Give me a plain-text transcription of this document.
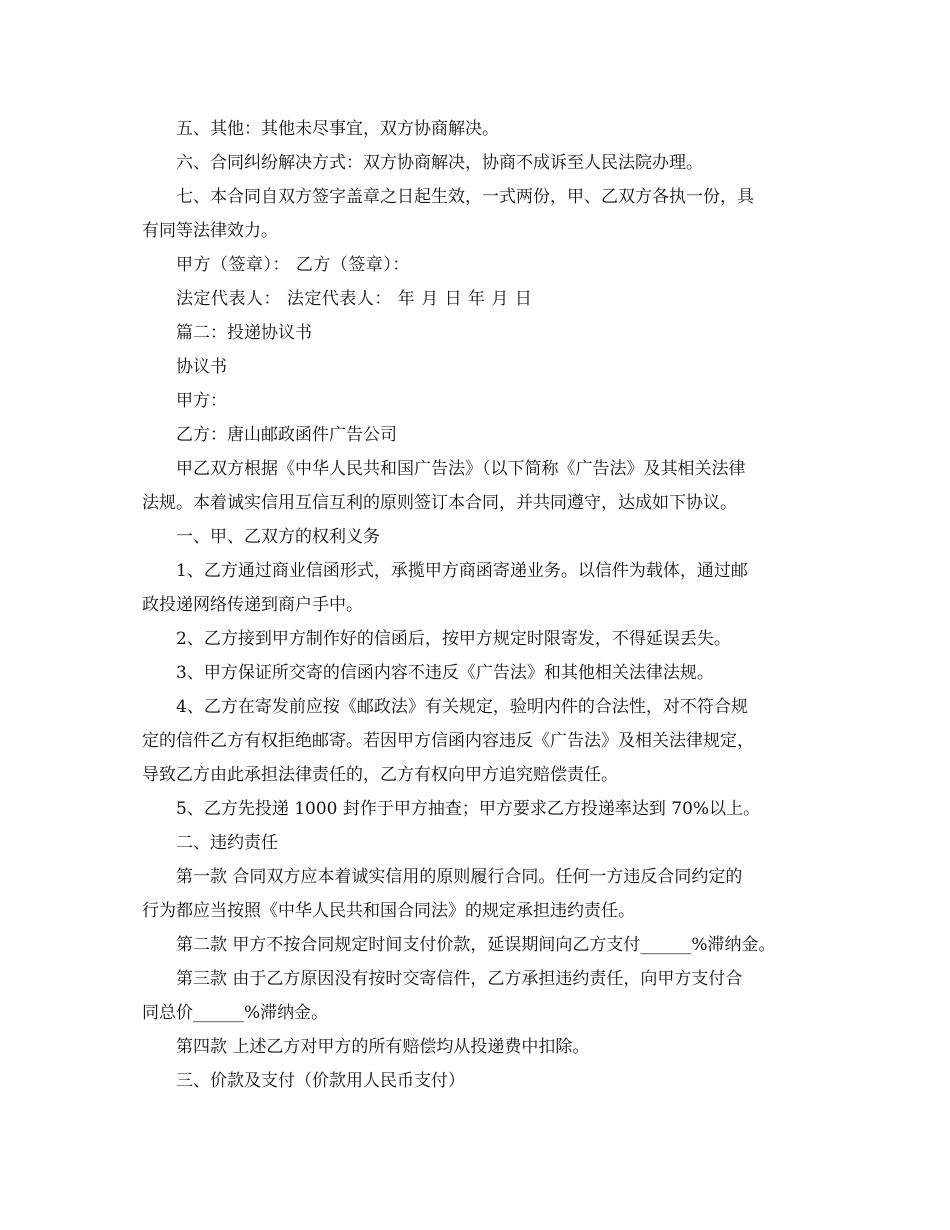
五、其他：其他未尽事宜，双方协商解决。
六、合同纠纷解决方式：双方协商解决，协商不成诉至人民法院办理。
七、本合同自双方签字盖章之日起生效，一式两份，甲、乙双方各执一份，具
有同等法律效力。
甲方（签章）： 乙方（签章）：
法定代表人： 法定代表人： 年 月 日 年 月 日
篇二：投递协议书
协议书
甲方：
乙方：唐山邮政函件广告公司
甲乙双方根据《中华人民共和国广告法》（以下简称《广告法》及其相关法律
法规。本着诚实信用互信互利的原则签订本合同，并共同遵守，达成如下协议。
一、甲、乙双方的权利义务
1、乙方通过商业信函形式，承揽甲方商函寄递业务。以信件为载体，通过邮
政投递网络传递到商户手中。
2、乙方接到甲方制作好的信函后，按甲方规定时限寄发，不得延误丢失。
3、甲方保证所交寄的信函内容不违反《广告法》和其他相关法律法规。
4、乙方在寄发前应按《邮政法》有关规定，验明内件的合法性，对不符合规
定的信件乙方有权拒绝邮寄。若因甲方信函内容违反《广告法》及相关法律规定，
导致乙方由此承担法律责任的，乙方有权向甲方追究赔偿责任。
5、乙方先投递 1000 封作于甲方抽查；甲方要求乙方投递率达到 70%以上。
二、违约责任
第一款 合同双方应本着诚实信用的原则履行合同。任何一方违反合同约定的
行为都应当按照《中华人民共和国合同法》的规定承担违约责任。
第二款 甲方不按合同规定时间支付价款，延误期间向乙方支付______%滞纳金。
第三款 由于乙方原因没有按时交寄信件，乙方承担违约责任，向甲方支付合
同总价______%滞纳金。
第四款 上述乙方对甲方的所有赔偿均从投递费中扣除。
三、价款及支付（价款用人民币支付）
